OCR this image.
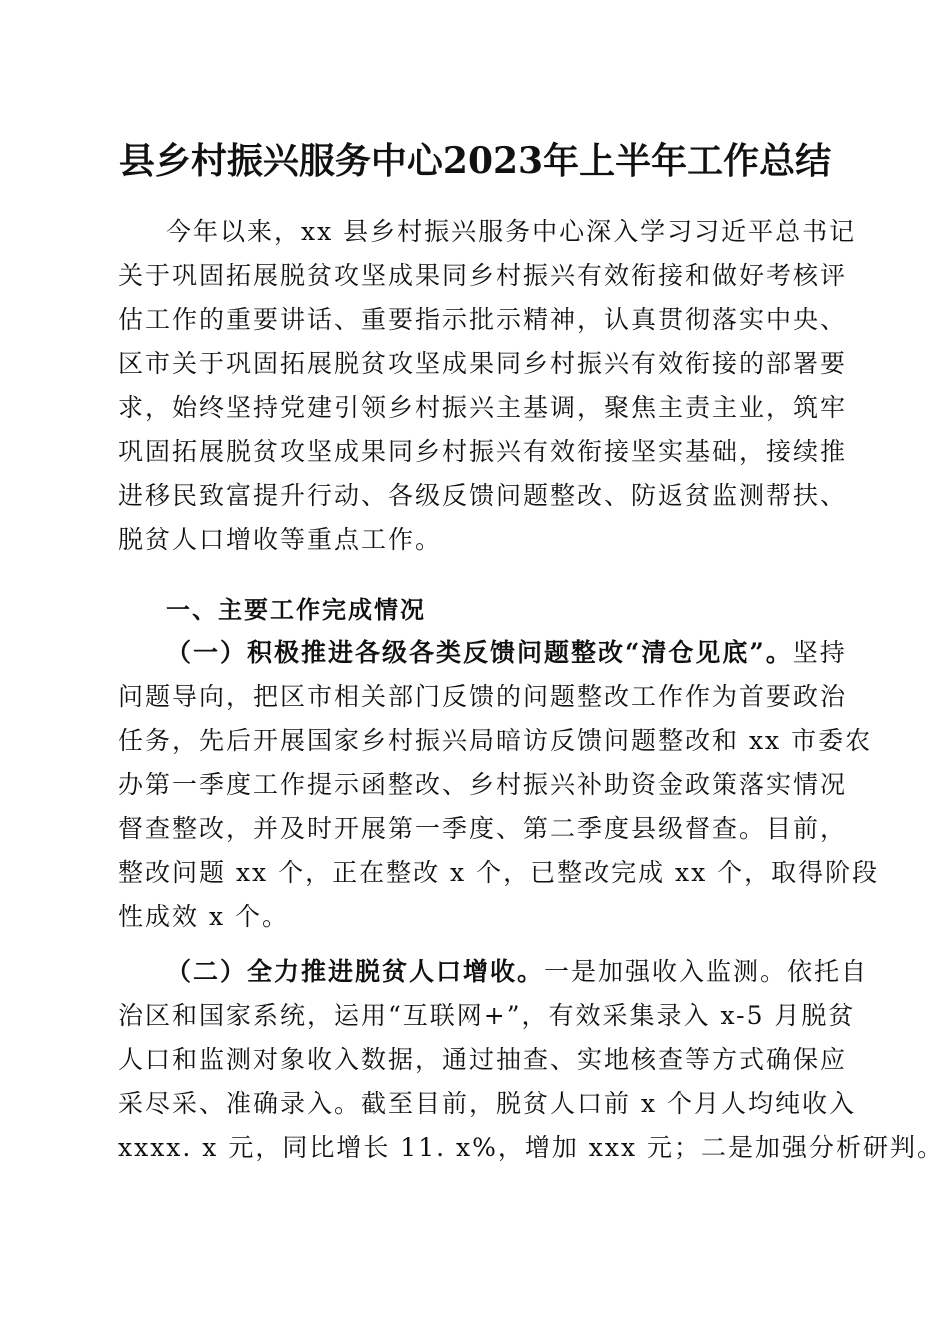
县乡村振兴服务中心2023年上半年工作总结
今年以来，xx 县乡村振兴服务中心深入学习习近平总书记
关于巩固拓展脱贫攻坚成果同乡村振兴有效衔接和做好考核评
估工作的重要讲话、重要指示批示精神，认真贯彻落实中央、
区市关于巩固拓展脱贫攻坚成果同乡村振兴有效衔接的部署要
求，始终坚持党建引领乡村振兴主基调，聚焦主责主业，筑牢
巩固拓展脱贫攻坚成果同乡村振兴有效衔接坚实基础，接续推
进移民致富提升行动、各级反馈问题整改、防返贫监测帮扶、
脱贫人口增收等重点工作。
一、主要工作完成情况
（一）积极推进各级各类反馈问题整改“清仓见底”。坚持
问题导向，把区市相关部门反馈的问题整改工作作为首要政治
任务，先后开展国家乡村振兴局暗访反馈问题整改和 xx 市委农
办第一季度工作提示函整改、乡村振兴补助资金政策落实情况
督查整改，并及时开展第一季度、第二季度县级督查。目前，
整改问题 xx 个，正在整改 x 个，已整改完成 xx 个，取得阶段
性成效 x 个。
（二）全力推进脱贫人口增收。一是加强收入监测。依托自
治区和国家系统，运用“互联网+”，有效采集录入 x-5 月脱贫
人口和监测对象收入数据，通过抽查、实地核查等方式确保应
采尽采、准确录入。截至目前，脱贫人口前 x 个月人均纯收入
xxxx. x 元，同比增长 11. x%，增加 xxx 元；二是加强分析研判。
